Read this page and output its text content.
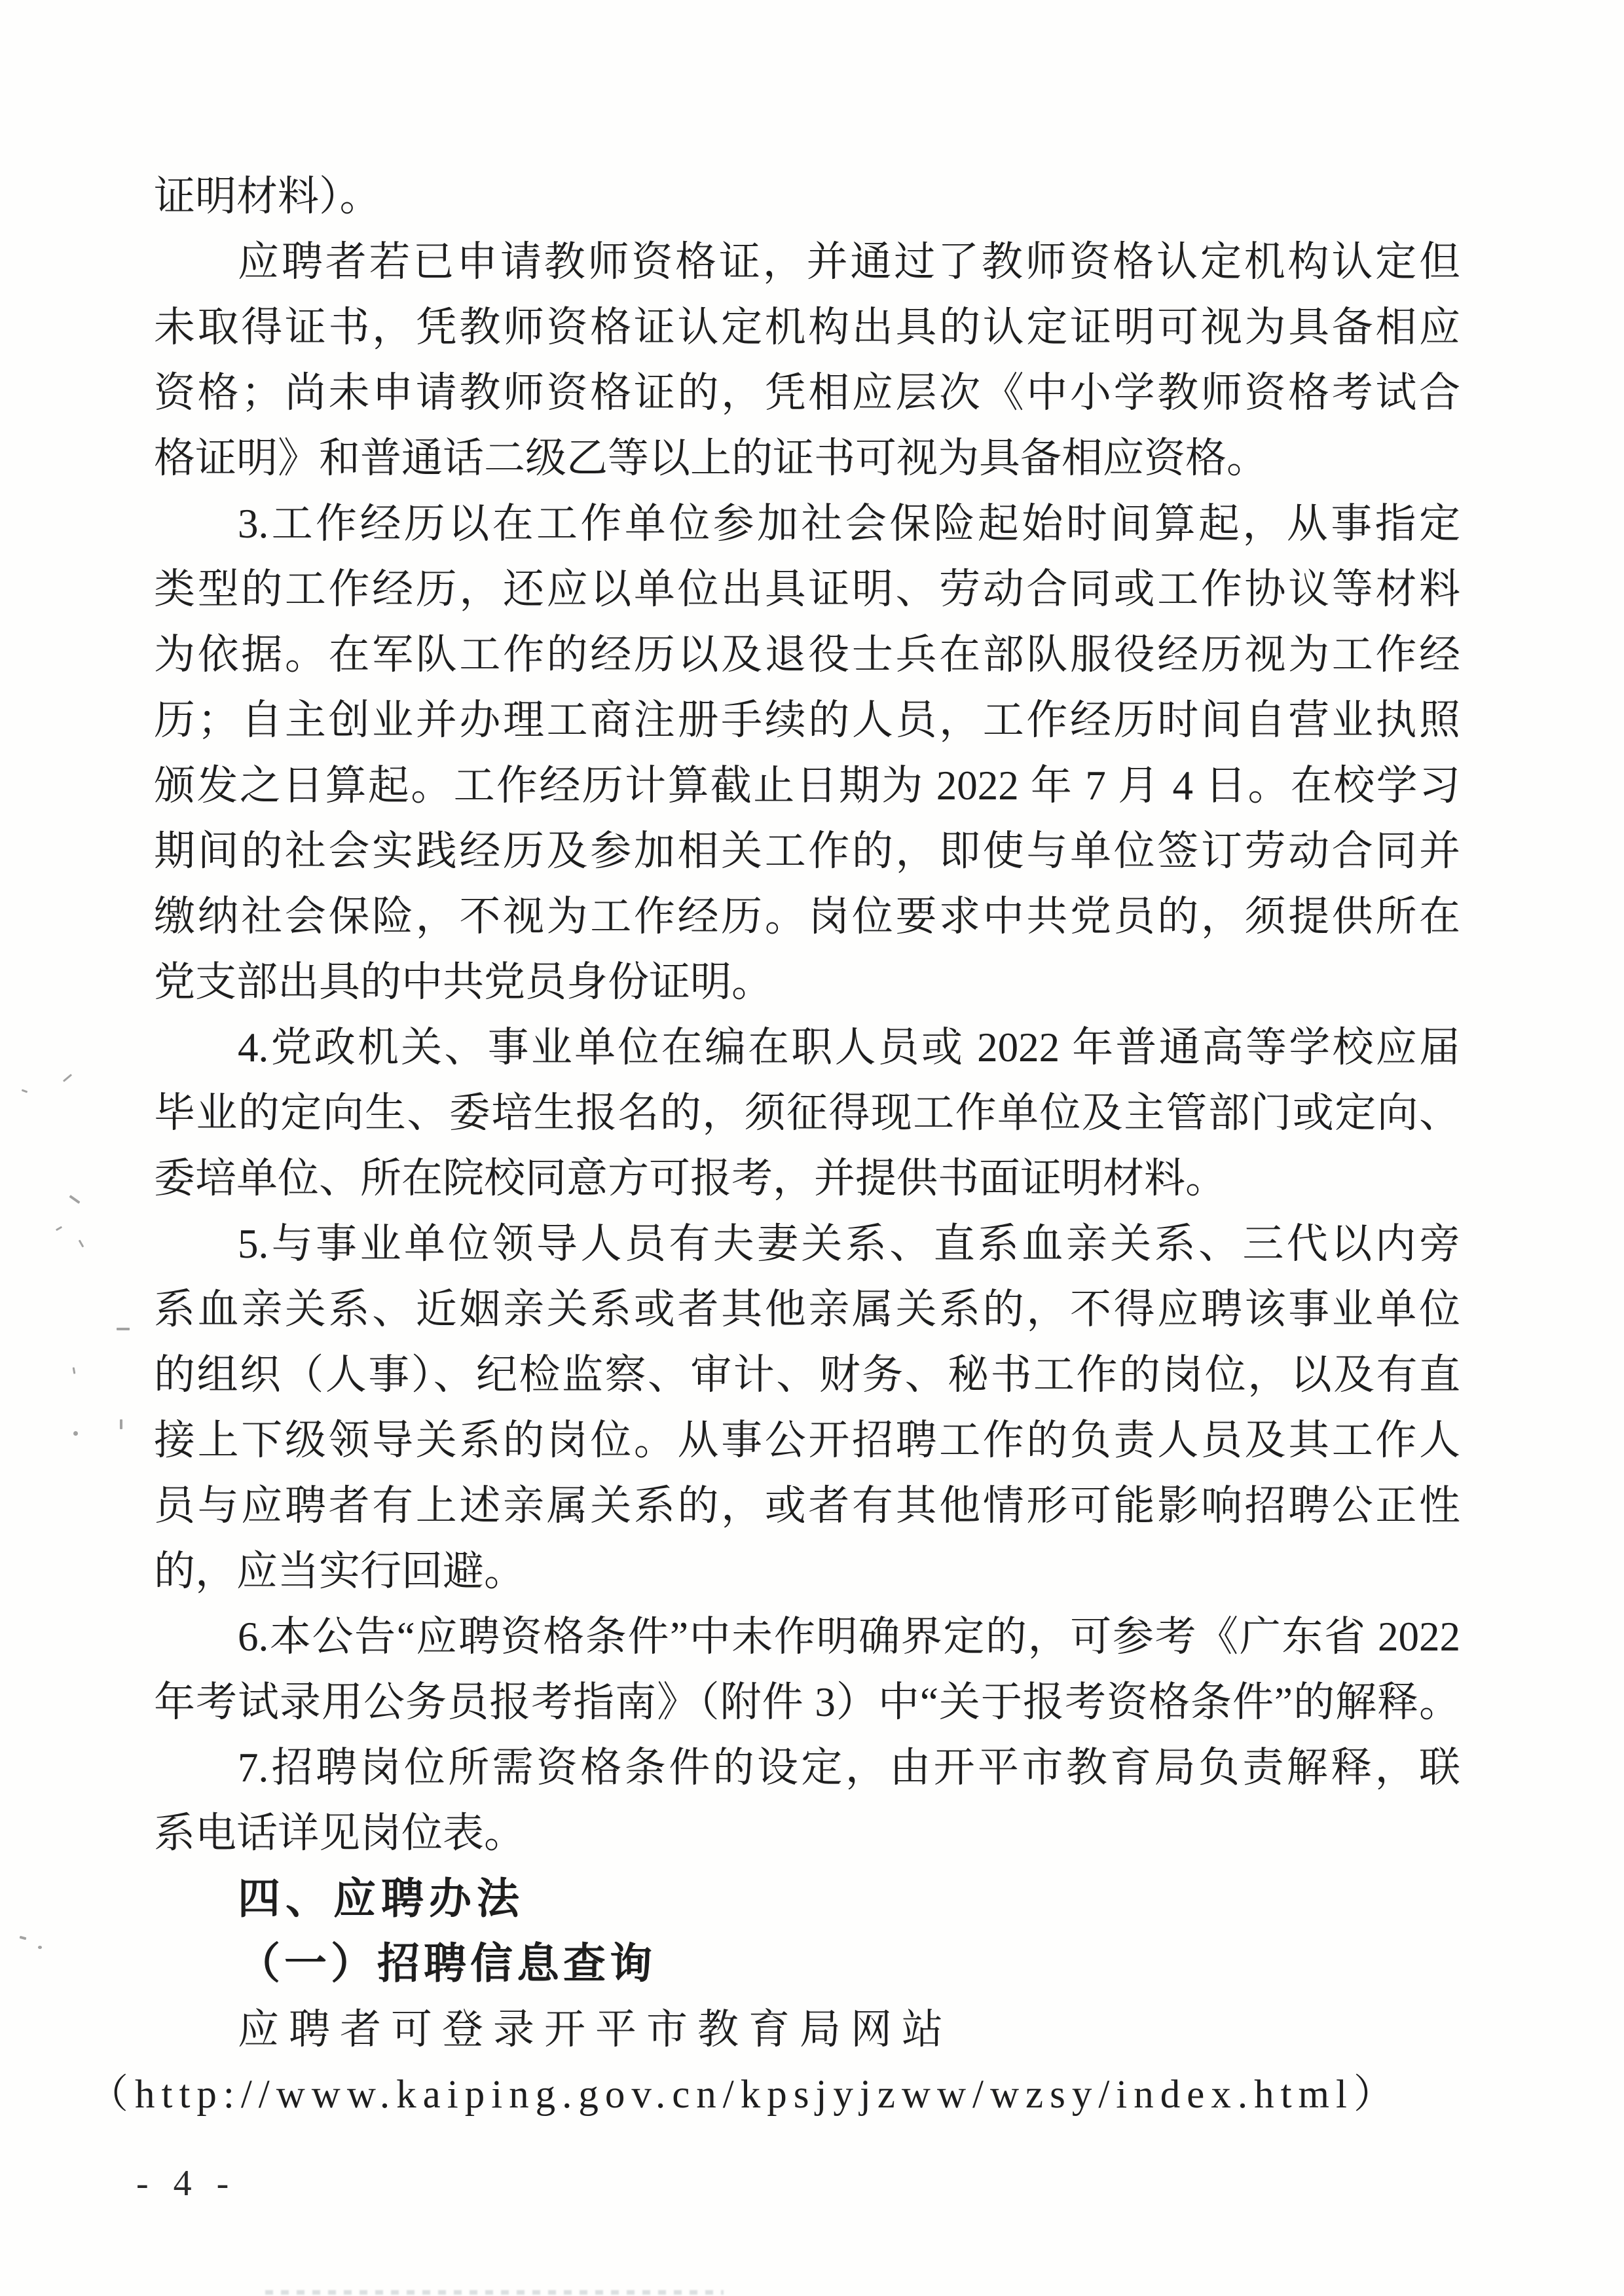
证明材料）。
应聘者若已申请教师资格证，并通过了教师资格认定机构认定但
未取得证书，凭教师资格证认定机构出具的认定证明可视为具备相应
资格；尚未申请教师资格证的，凭相应层次《中小学教师资格考试合
格证明》和普通话二级乙等以上的证书可视为具备相应资格。
3.工作经历以在工作单位参加社会保险起始时间算起，从事指定
类型的工作经历，还应以单位出具证明、劳动合同或工作协议等材料
为依据。在军队工作的经历以及退役士兵在部队服役经历视为工作经
历；自主创业并办理工商注册手续的人员，工作经历时间自营业执照
颁发之日算起。工作经历计算截止日期为 2022 年 7 月 4 日。在校学习
期间的社会实践经历及参加相关工作的，即使与单位签订劳动合同并
缴纳社会保险，不视为工作经历。岗位要求中共党员的，须提供所在
党支部出具的中共党员身份证明。
4.党政机关、事业单位在编在职人员或 2022 年普通高等学校应届
毕业的定向生、委培生报名的，须征得现工作单位及主管部门或定向、
委培单位、所在院校同意方可报考，并提供书面证明材料。
5.与事业单位领导人员有夫妻关系、直系血亲关系、三代以内旁
系血亲关系、近姻亲关系或者其他亲属关系的，不得应聘该事业单位
的组织（人事）、纪检监察、审计、财务、秘书工作的岗位，以及有直
接上下级领导关系的岗位。从事公开招聘工作的负责人员及其工作人
员与应聘者有上述亲属关系的，或者有其他情形可能影响招聘公正性
的，应当实行回避。
6.本公告“应聘资格条件”中未作明确界定的，可参考《广东省 2022
年考试录用公务员报考指南》（附件 3）中“关于报考资格条件”的解释。
7.招聘岗位所需资格条件的设定，由开平市教育局负责解释，联
系电话详见岗位表。
四、应聘办法
（一）招聘信息查询
应聘者可登录开平市教育局网站
（http://www.kaiping.gov.cn/kpsjyjzww/wzsy/index.html）
- 4 -
